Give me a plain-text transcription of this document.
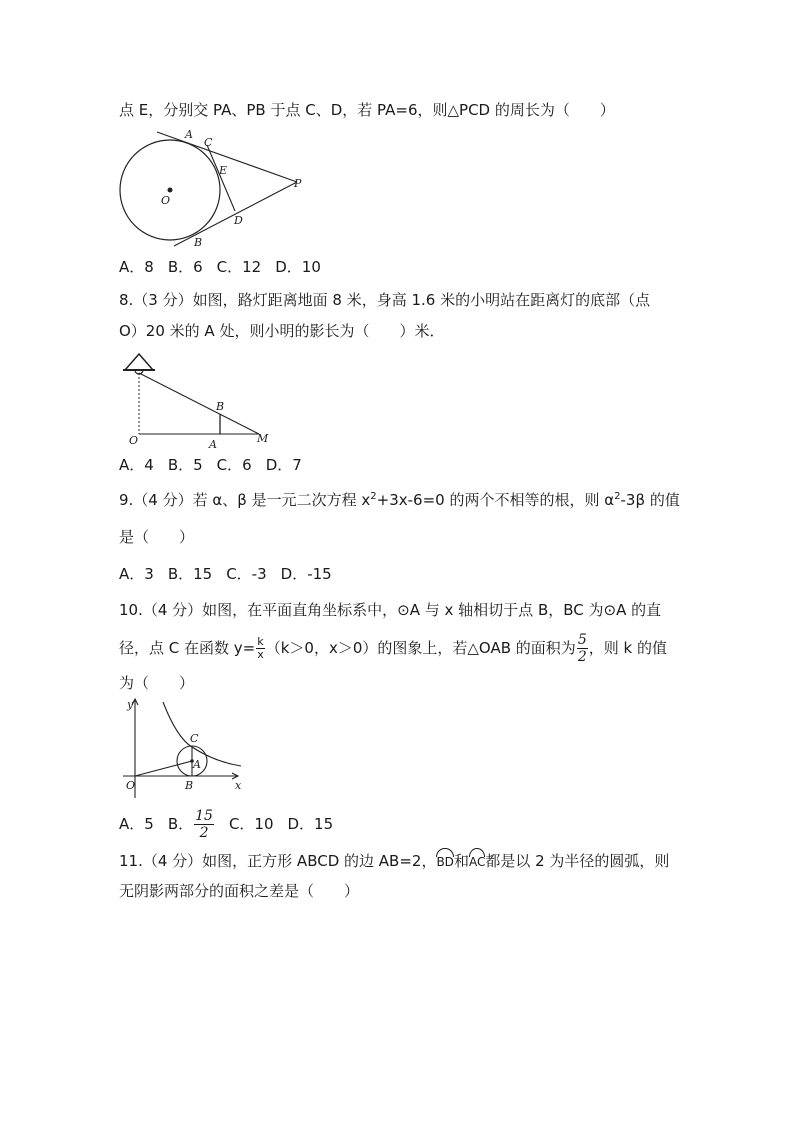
点 E，分别交 PA、PB 于点 C、D，若 PA=6，则△PCD 的周长为（　　）
A
C
E
P
O
D
B
A．8 B．6 C．12 D．10
8.（3 分）如图，路灯距离地面 8 米，身高 1.6 米的小明站在距离灯的底部（点
O）20 米的 A 处，则小明的影长为（　　）米．
B
O	A	M
A．4 B．5 C．6 D．7
9.（4 分）若 α、β 是一元二次方程 $x^2+3x-6=0$ 的两个不相等的根，则 $\alpha^2-3\beta$ 的值
是（　　）
A．3 B．15 C．-3 D．-15
10.（4 分）如图，在平面直角坐标系中，⊙A 与 x 轴相切于点 B，BC 为⊙A 的直
径，点 C 在函数 $y= \frac{k}{x} (k>0$，x＞0）的图象上，若△OAB 的面积为 $\frac{5}{2}$ ，则 k 的值
为（　　）
y
C
A
O	B	x
A．5 B． $\frac{15}{2}$ C．10 D．15
11.（4 分）如图，正方形 ABCD 的边 AB=2，BD和AC都是以 2 为半径的圆弧，则
无阴影两部分的面积之差是（　　）
